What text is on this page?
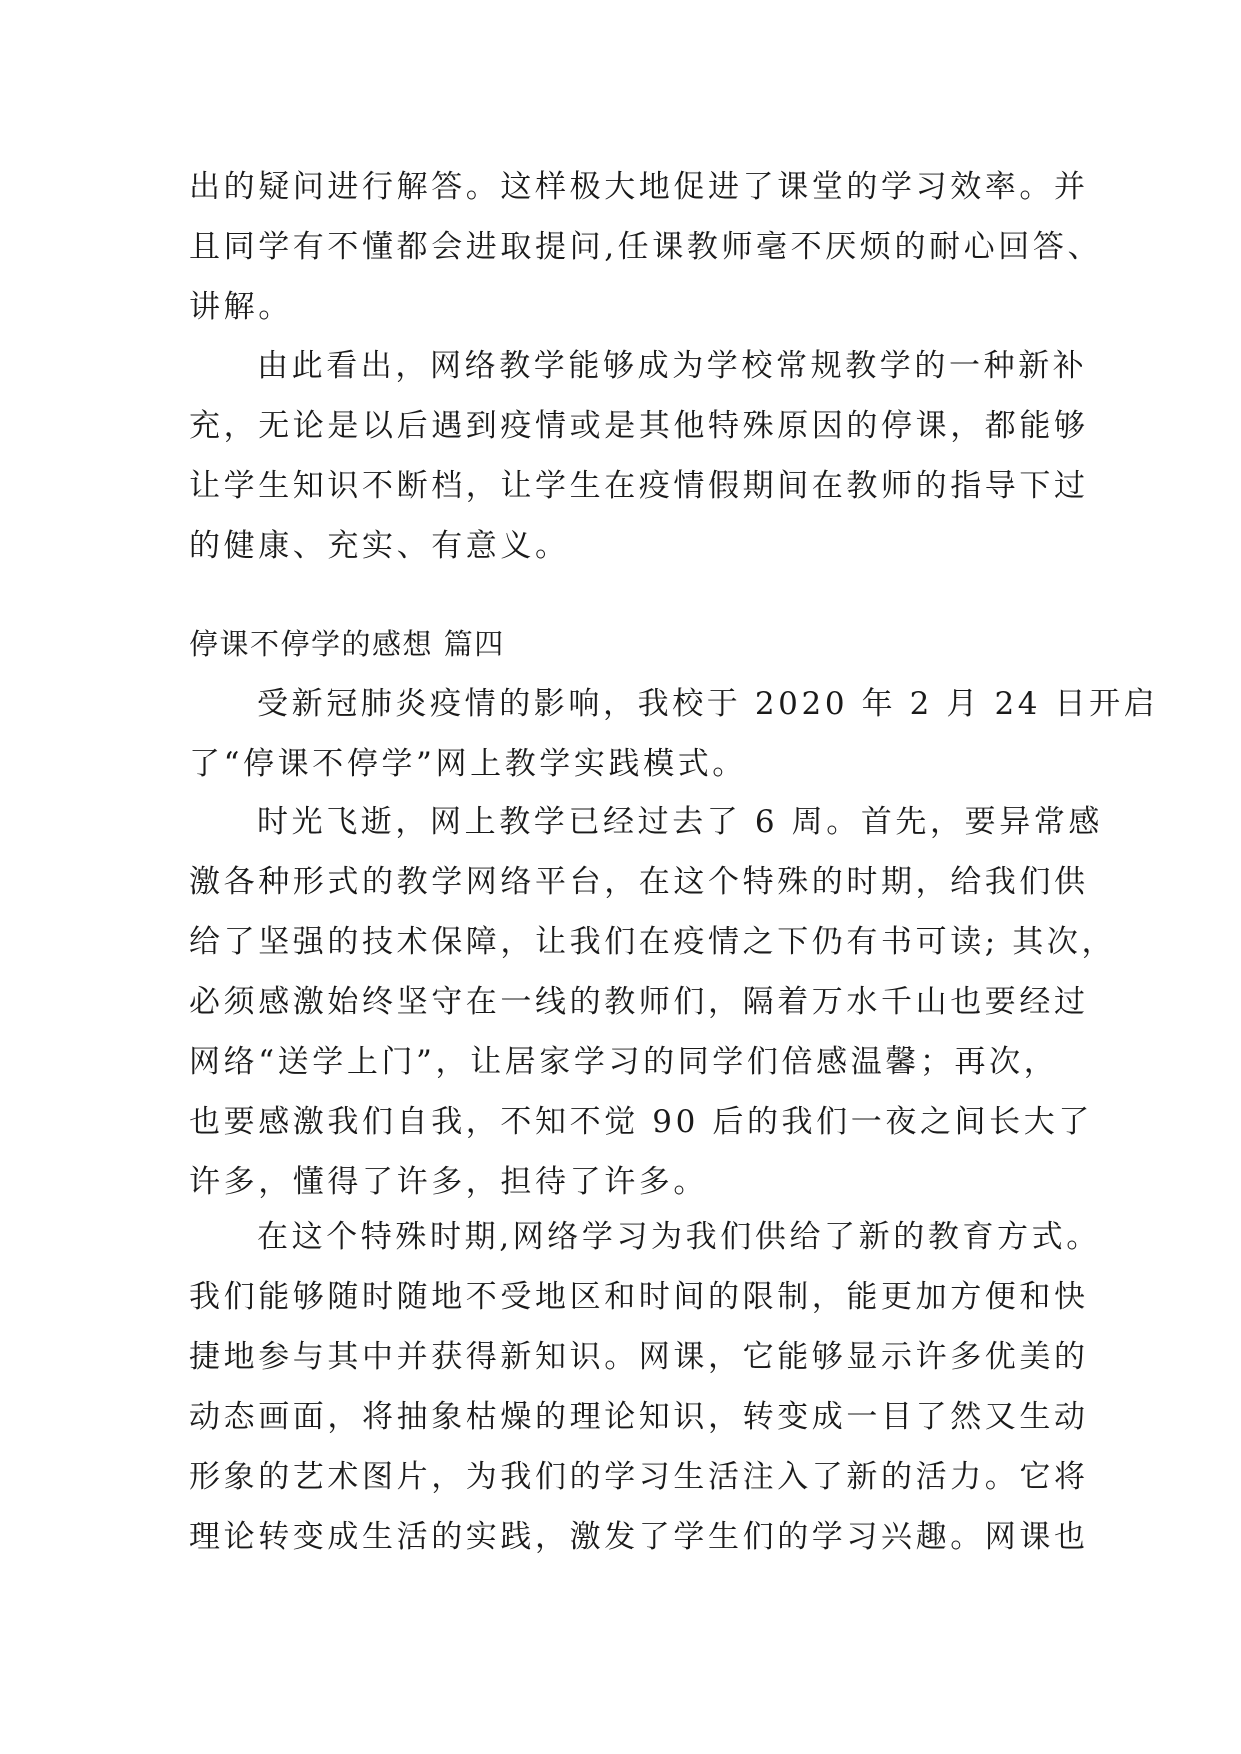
出的疑问进行解答。这样极大地促进了课堂的学习效率。并
且同学有不懂都会进取提问,任课教师毫不厌烦的耐心回答、
讲解。
由此看出，网络教学能够成为学校常规教学的一种新补
充，无论是以后遇到疫情或是其他特殊原因的停课，都能够
让学生知识不断档，让学生在疫情假期间在教师的指导下过
的健康、充实、有意义。
停课不停学的感想 篇四
受新冠肺炎疫情的影响，我校于 2020 年 2 月 24 日开启
了“停课不停学”网上教学实践模式。
时光飞逝，网上教学已经过去了 6 周。首先，要异常感
激各种形式的教学网络平台，在这个特殊的时期，给我们供
给了坚强的技术保障，让我们在疫情之下仍有书可读; 其次，
必须感激始终坚守在一线的教师们，隔着万水千山也要经过
网络“送学上门”，让居家学习的同学们倍感温馨；再次，
也要感激我们自我，不知不觉 90 后的我们一夜之间长大了
许多，懂得了许多，担待了许多。
在这个特殊时期,网络学习为我们供给了新的教育方式。
我们能够随时随地不受地区和时间的限制，能更加方便和快
捷地参与其中并获得新知识。网课，它能够显示许多优美的
动态画面，将抽象枯燥的理论知识，转变成一目了然又生动
形象的艺术图片，为我们的学习生活注入了新的活力。它将
理论转变成生活的实践，激发了学生们的学习兴趣。网课也
